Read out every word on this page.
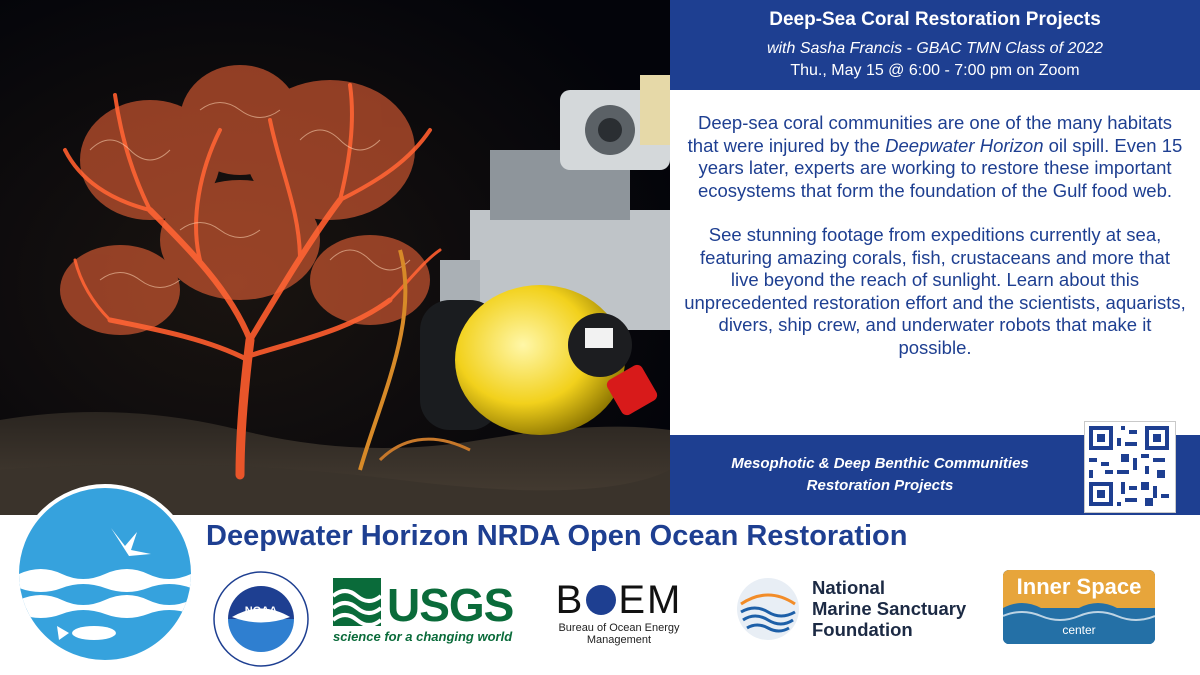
Deep-Sea Coral Restoration Projects
with Sasha Francis - GBAC TMN Class of 2022
Thu., May 15 @ 6:00 - 7:00 pm on Zoom

Deep-sea coral communities are one of the many habitats that were injured by the Deepwater Horizon oil spill. Even 15 years later, experts are working to restore these important ecosystems that form the foundation of the Gulf food web.

See stunning footage from expeditions currently at sea, featuring amazing corals, fish, crustaceans and more that live beyond the reach of sunlight. Learn about this unprecedented restoration effort and the scientists, aquarists, divers, ship crew, and underwater robots that make it possible.

Mesophotic & Deep Benthic Communities
Restoration Projects
Deepwater Horizon NRDA Open Ocean Restoration
NOAA USGS
science for a changing world
B EM
Bureau of Ocean Energy
Management
National
Marine Sanctuary
Foundation
Inner Space
center
